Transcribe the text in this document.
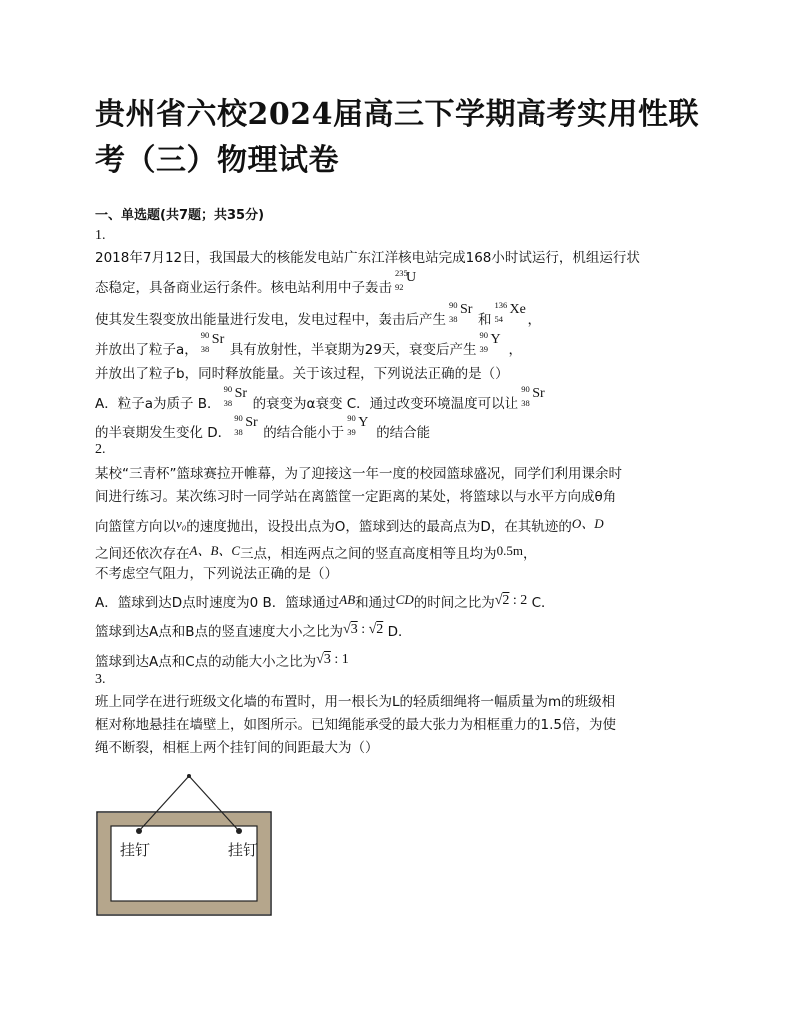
贵州省六校2024届高三下学期高考实用性联考（三）物理试卷
一、单选题(共7题；共35分)
1.
2018年7月12日，我国最大的核能发电站广东江洋核电站完成168小时试运行，机组运行状
态稳定，具备商业运行条件。核电站利用中子轰击
235
92
U
使其发生裂变放出能量进行发电，发电过程中，轰击后产生
90
38
Sr
和
136
54
Xe
，
并放出了粒子a，
90
38
Sr
具有放射性，半衰期为29天，衰变后产生
90
39
Y
，
并放出了粒子b，同时释放能量。关于该过程，下列说法正确的是（）
A．粒子a为质子 B．
90
38
Sr
的衰变为α衰变 C．通过改变环境温度可以让
90
38
Sr
的半衰期发生变化 D．
90
38
Sr
的结合能小于
90
39
Y
的结合能
2.
某校“三青杯”篮球赛拉开帷幕，为了迎接这一年一度的校园篮球盛况，同学们利用课余时
间进行练习。某次练习时一同学站在离篮筐一定距离的某处，将篮球以与水平方向成θ角
向篮筐方向以v₀的速度抛出，设投出点为O，篮球到达的最高点为D，在其轨迹的O、D
之间还依次存在A、B、C三点，相连两点之间的竖直高度相等且均为0.5m，
不考虑空气阻力，下列说法正确的是（）
A．篮球到达D点时速度为0 B．篮球通过AB和通过CD的时间之比为√2 : 2 C．
篮球到达A点和B点的竖直速度大小之比为√3 : √2 D．
篮球到达A点和C点的动能大小之比为√3 : 1
3.
班上同学在进行班级文化墙的布置时，用一根长为L的轻质细绳将一幅质量为m的班级相
框对称地悬挂在墙壁上，如图所示。已知绳能承受的最大张力为相框重力的1.5倍，为使
绳不断裂，相框上两个挂钉间的间距最大为（）
挂钉	挂钉
